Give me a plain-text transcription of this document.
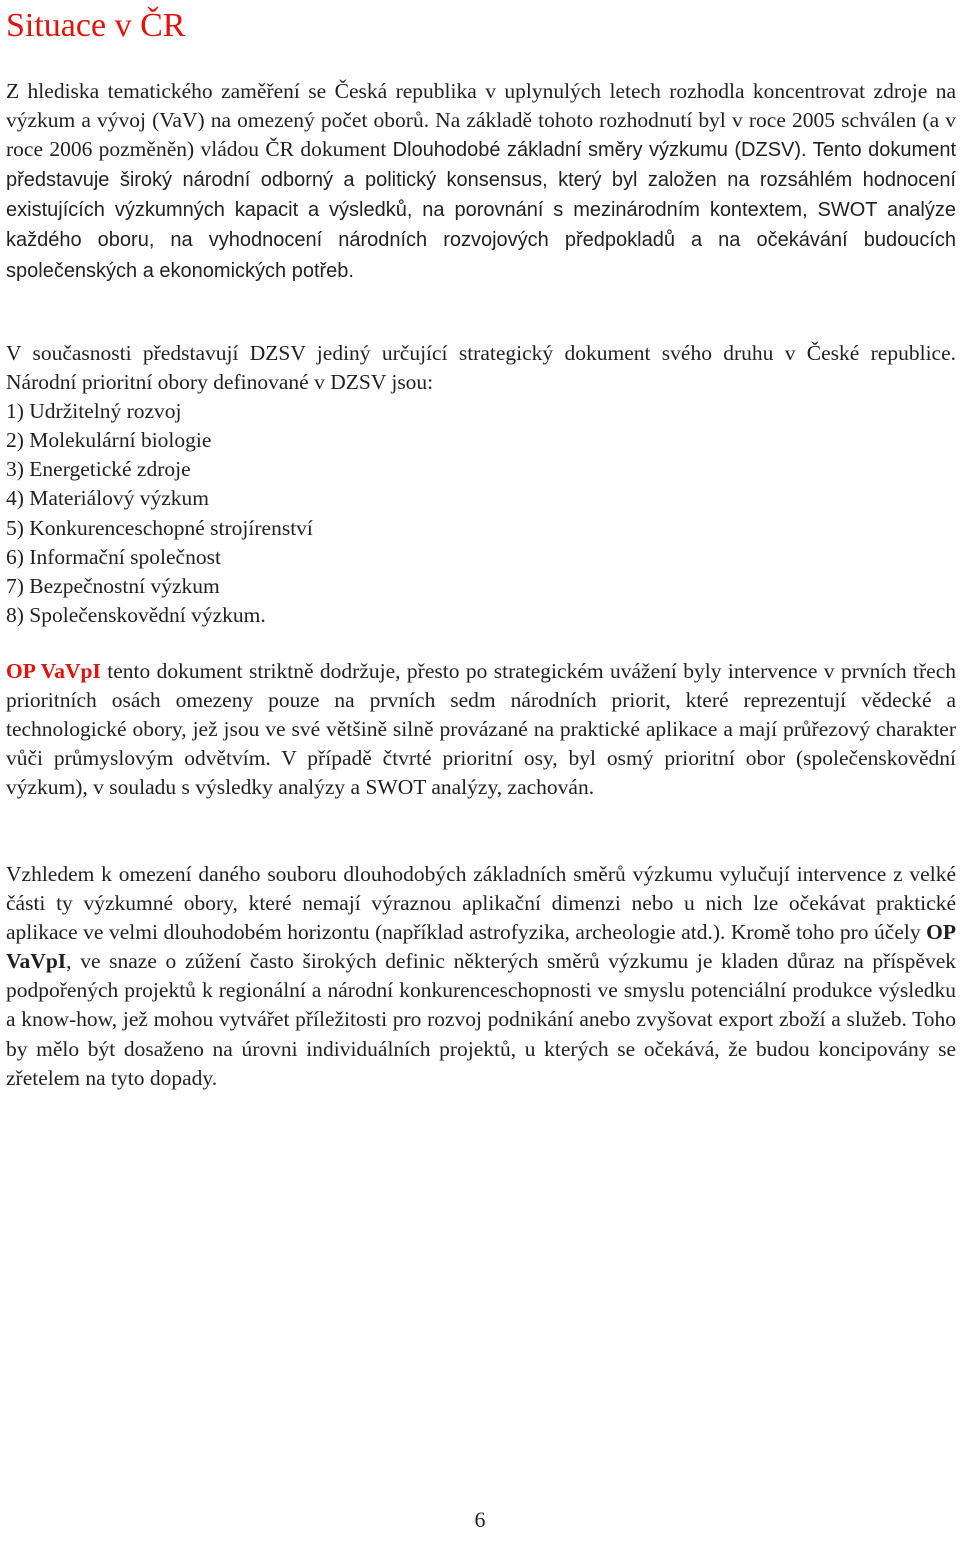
Situace v ČR

Z hlediska tematického zaměření se Česká republika v uplynulých letech rozhodla koncentrovat zdroje na výzkum a vývoj (VaV) na omezený počet oborů. Na základě tohoto rozhodnutí byl v roce 2005 schválen (a v roce 2006 pozměněn) vládou ČR dokument Dlouhodobé základní směry výzkumu (DZSV). Tento dokument představuje široký národní odborný a politický konsensus, který byl založen na rozsáhlém hodnocení existujících výzkumných kapacit a výsledků, na porovnání s mezinárodním kontextem, SWOT analýze každého oboru, na vyhodnocení národních rozvojových předpokladů a na očekávání budoucích společenských a ekonomických potřeb.

V současnosti představují DZSV jediný určující strategický dokument svého druhu v České republice. Národní prioritní obory definované v DZSV jsou:
1) Udržitelný rozvoj
2) Molekulární biologie
3) Energetické zdroje
4) Materiálový výzkum
5) Konkurenceschopné strojírenství
6) Informační společnost
7) Bezpečnostní výzkum
8) Společenskovědní výzkum.

OP VaVpI tento dokument striktně dodržuje, přesto po strategickém uvážení byly intervence v prvních třech prioritních osách omezeny pouze na prvních sedm národních priorit, které reprezentují vědecké a technologické obory, jež jsou ve své většině silně provázané na praktické aplikace a mají průřezový charakter vůči průmyslovým odvětvím. V případě čtvrté prioritní osy, byl osmý prioritní obor (společenskovědní výzkum), v souladu s výsledky analýzy a SWOT analýzy, zachován.

Vzhledem k omezení daného souboru dlouhodobých základních směrů výzkumu vylučují intervence z velké části ty výzkumné obory, které nemají výraznou aplikační dimenzi nebo u nich lze očekávat praktické aplikace ve velmi dlouhodobém horizontu (například astrofyzika, archeologie atd.). Kromě toho pro účely OP VaVpI, ve snaze o zúžení často širokých definic některých směrů výzkumu je kladen důraz na příspěvek podpořených projektů k regionální a národní konkurenceschopnosti ve smyslu potenciální produkce výsledku a know-how, jež mohou vytvářet příležitosti pro rozvoj podnikání anebo zvyšovat export zboží a služeb. Toho by mělo být dosaženo na úrovni individuálních projektů, u kterých se očekává, že budou koncipovány se zřetelem na tyto dopady.

6
